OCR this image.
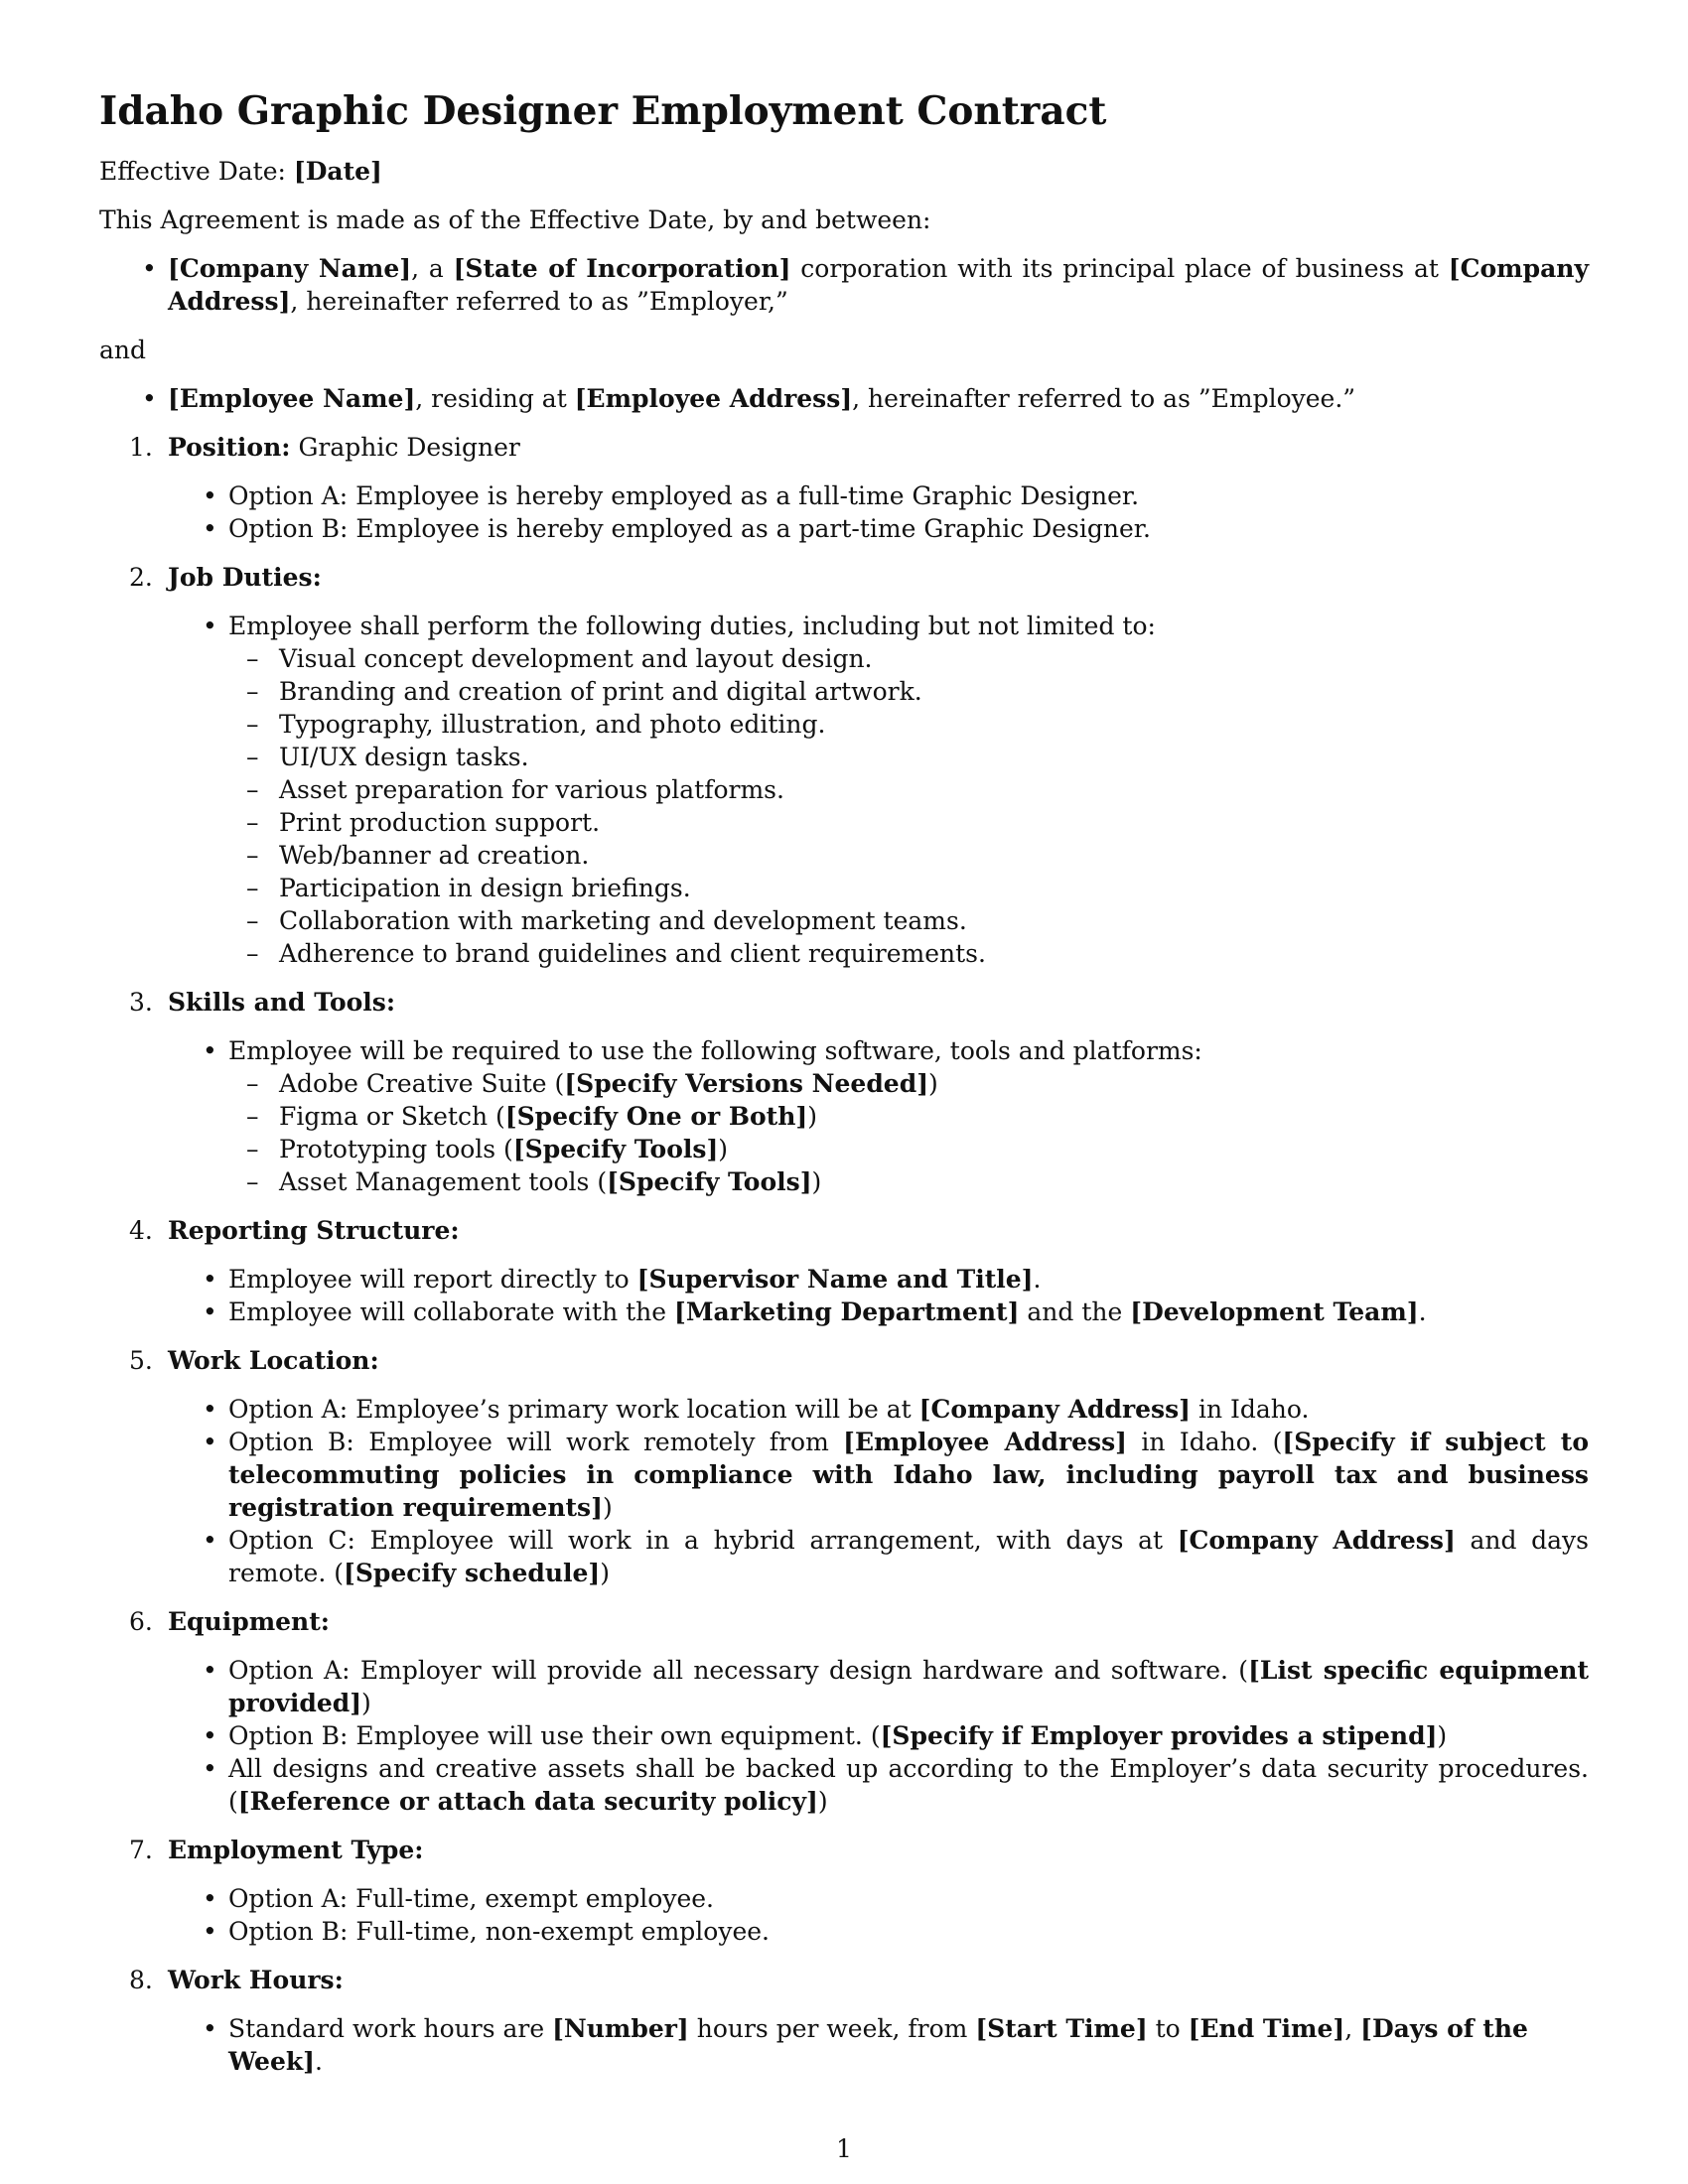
Idaho Graphic Designer Employment Contract

Effective Date: [Date]

This Agreement is made as of the Effective Date, by and between:

• [Company Name], a [State of Incorporation] corporation with its principal place of business at [Company Address], hereinafter referred to as ”Employer,”

and

• [Employee Name], residing at [Employee Address], hereinafter referred to as ”Employee.”
1. Position: Graphic Designer
• Option A: Employee is hereby employed as a full-time Graphic Designer.
• Option B: Employee is hereby employed as a part-time Graphic Designer.
2. Job Duties:
• Employee shall perform the following duties, including but not limited to:
– Visual concept development and layout design.
– Branding and creation of print and digital artwork.
– Typography, illustration, and photo editing.
– UI/UX design tasks.
– Asset preparation for various platforms.
– Print production support.
– Web/banner ad creation.
– Participation in design briefings.
– Collaboration with marketing and development teams.
– Adherence to brand guidelines and client requirements.
3. Skills and Tools:
• Employee will be required to use the following software, tools and platforms:
– Adobe Creative Suite ([Specify Versions Needed])
– Figma or Sketch ([Specify One or Both])
– Prototyping tools ([Specify Tools])
– Asset Management tools ([Specify Tools])
4. Reporting Structure:
• Employee will report directly to [Supervisor Name and Title].
• Employee will collaborate with the [Marketing Department] and the [Development Team].
5. Work Location:
• Option A: Employee’s primary work location will be at [Company Address] in Idaho.
• Option B: Employee will work remotely from [Employee Address] in Idaho. ([Specify if subject to telecommuting policies in compliance with Idaho law, including payroll tax and business registration requirements])
• Option C: Employee will work in a hybrid arrangement, with days at [Company Address] and days remote. ([Specify schedule])
6. Equipment:
• Option A: Employer will provide all necessary design hardware and software. ([List specific equipment provided])
• Option B: Employee will use their own equipment. ([Specify if Employer provides a stipend])
• All designs and creative assets shall be backed up according to the Employer’s data security procedures. ([Reference or attach data security policy])
7. Employment Type:
• Option A: Full-time, exempt employee.
• Option B: Full-time, non-exempt employee.
8. Work Hours:
• Standard work hours are [Number] hours per week, from [Start Time] to [End Time], [Days of the Week].
1
